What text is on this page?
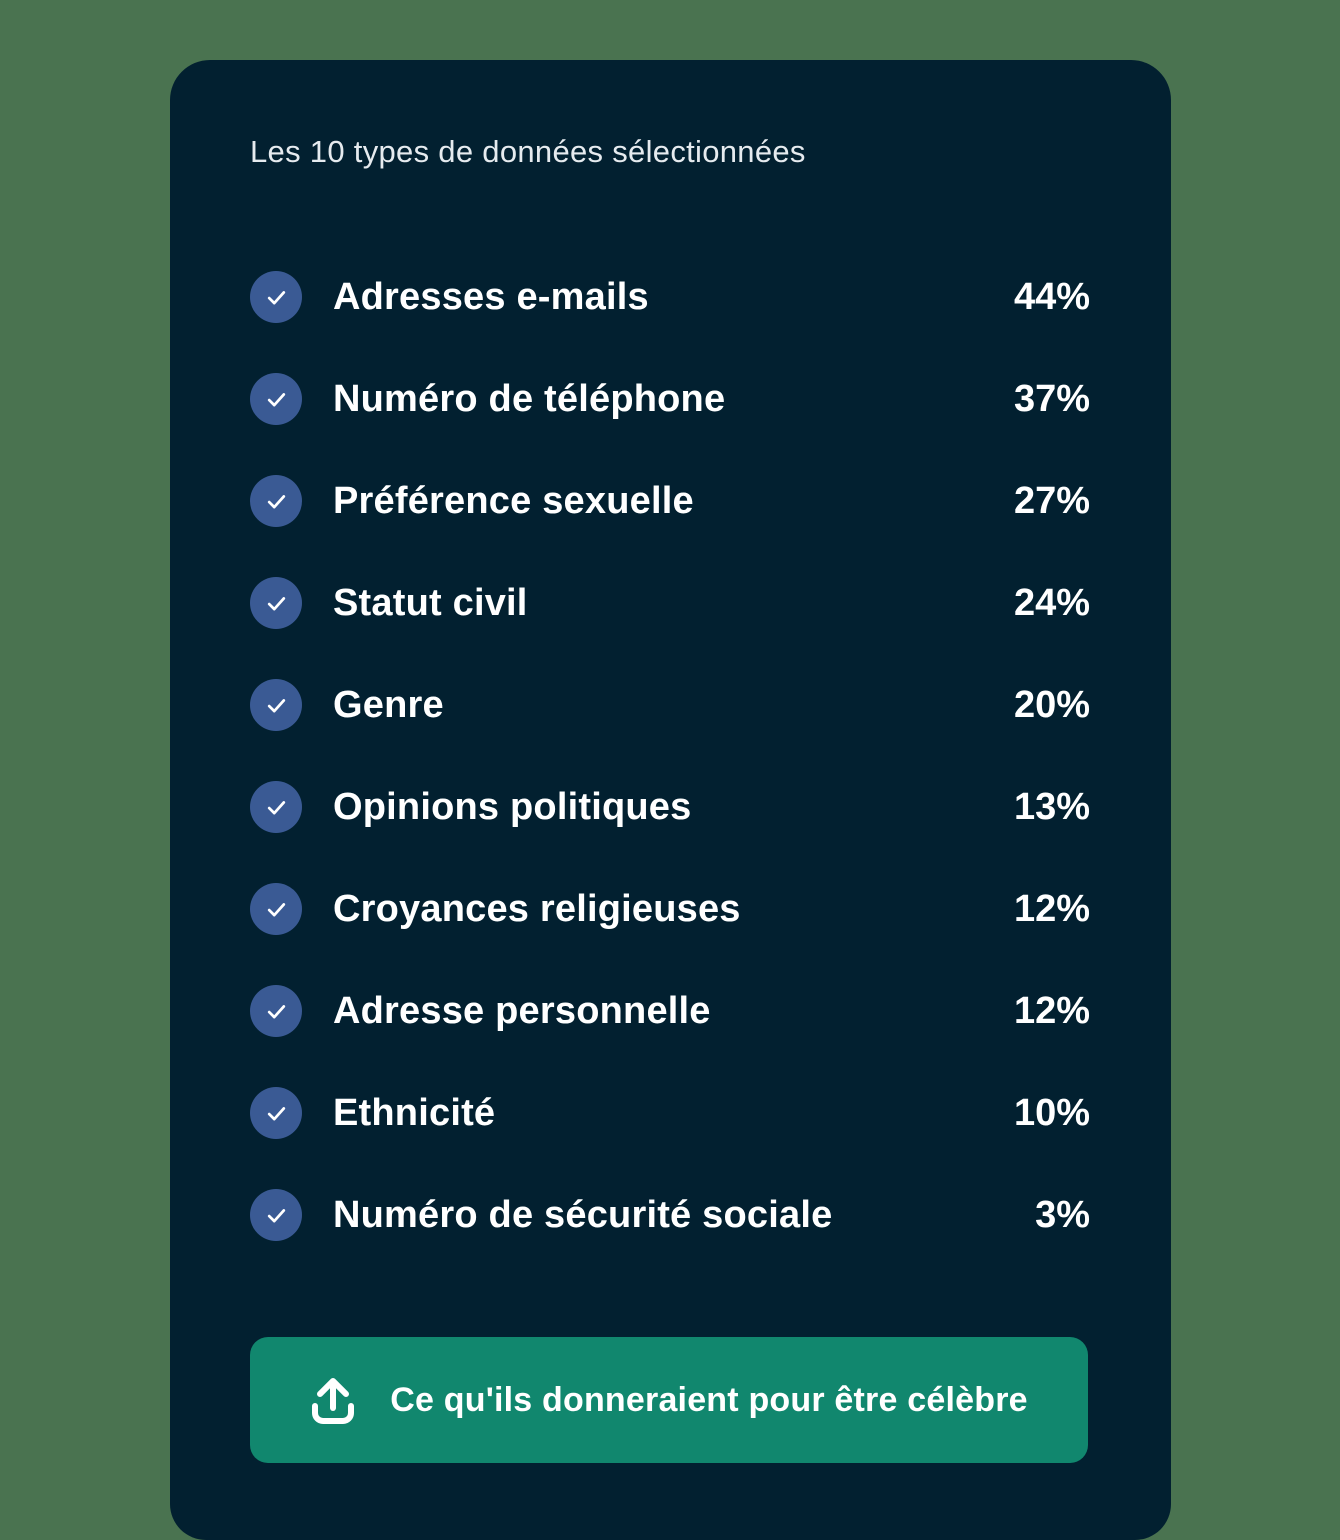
Les 10 types de données sélectionnées
Adresses e-mails	44%
Numéro de téléphone	37%
Préférence sexuelle	27%
Statut civil	24%
Genre	20%
Opinions politiques	13%
Croyances religieuses	12%
Adresse personnelle	12%
Ethnicité	10%
Numéro de sécurité sociale	3%
Ce qu'ils donneraient pour être célèbre
